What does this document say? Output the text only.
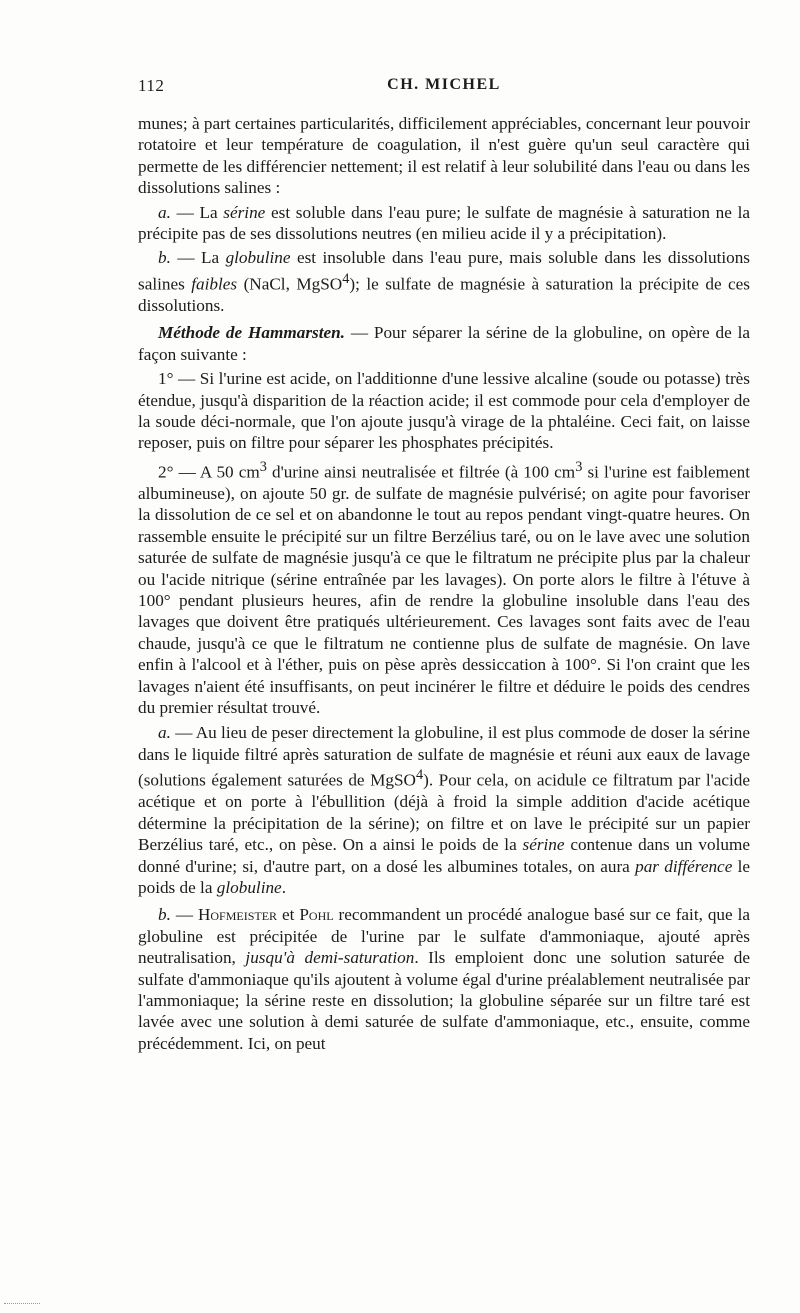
112	CH. MICHEL

munes; à part certaines particularités, difficilement appréciables, concernant leur pouvoir rotatoire et leur température de coagulation, il n'est guère qu'un seul caractère qui permette de les différencier nettement; il est relatif à leur solubilité dans l'eau ou dans les dissolutions salines :

a. — La sérine est soluble dans l'eau pure; le sulfate de magnésie à saturation ne la précipite pas de ses dissolutions neutres (en milieu acide il y a précipitation).

b. — La globuline est insoluble dans l'eau pure, mais soluble dans les dissolutions salines faibles (NaCl, MgSO$^4$); le sulfate de magnésie à saturation la précipite de ces dissolutions.

Méthode de Hammarsten. — Pour séparer la sérine de la globuline, on opère de la façon suivante :

1° — Si l'urine est acide, on l'additionne d'une lessive alcaline (soude ou potasse) très étendue, jusqu'à disparition de la réaction acide; il est commode pour cela d'employer de la soude déci-normale, que l'on ajoute jusqu'à virage de la phtaléine. Ceci fait, on laisse reposer, puis on filtre pour séparer les phosphates précipités.

2° — A 50 $cm^3$ d'urine ainsi neutralisée et filtrée (à 100 $cm^3$ si l'urine est faiblement albumineuse), on ajoute 50 gr. de sulfate de magnésie pulvérisé; on agite pour favoriser la dissolution de ce sel et on abandonne le tout au repos pendant vingt-quatre heures. On rassemble ensuite le précipité sur un filtre Berzélius taré, ou on le lave avec une solution saturée de sulfate de magnésie jusqu'à ce que le filtratum ne précipite plus par la chaleur ou l'acide nitrique (sérine entraînée par les lavages). On porte alors le filtre à l'étuve à 100° pendant plusieurs heures, afin de rendre la globuline insoluble dans l'eau des lavages que doivent être pratiqués ultérieurement. Ces lavages sont faits avec de l'eau chaude, jusqu'à ce que le filtratum ne contienne plus de sulfate de magnésie. On lave enfin à l'alcool et à l'éther, puis on pèse après dessiccation à 100°. Si l'on craint que les lavages n'aient été insuffisants, on peut incinérer le filtre et déduire le poids des cendres du premier résultat trouvé.

a. — Au lieu de peser directement la globuline, il est plus commode de doser la sérine dans le liquide filtré après saturation de sulfate de magnésie et réuni aux eaux de lavage (solutions également saturées de MgSO$^4$). Pour cela, on acidule ce filtratum par l'acide acétique et on porte à l'ébullition (déjà à froid la simple addition d'acide acétique détermine la précipitation de la sérine); on filtre et on lave le précipité sur un papier Berzélius taré, etc., on pèse. On a ainsi le poids de la sérine contenue dans un volume donné d'urine; si, d'autre part, on a dosé les albumines totales, on aura par différence le poids de la globuline.

b. — Hofmeister et Pohl recommandent un procédé analogue basé sur ce fait, que la globuline est précipitée de l'urine par le sulfate d'ammoniaque, ajouté après neutralisation, jusqu'à demi-saturation. Ils emploient donc une solution saturée de sulfate d'ammoniaque qu'ils ajoutent à volume égal d'urine préalablement neutralisée par l'ammoniaque; la sérine reste en dissolution; la globuline séparée sur un filtre taré est lavée avec une solution à demi saturée de sulfate d'ammoniaque, etc., ensuite, comme précédemment. Ici, on peut
